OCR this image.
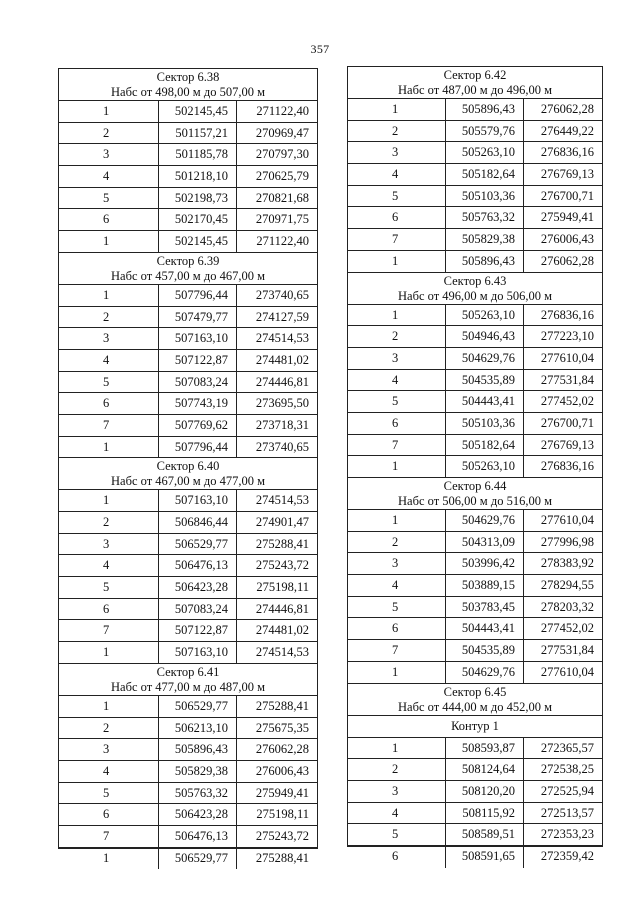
357
Сектор 6.38
Набс от 498,00 м до 507,00 м
1	502145,45	271122,40
2	501157,21	270969,47
3	501185,78	270797,30
4	501218,10	270625,79
5	502198,73	270821,68
6	502170,45	270971,75
1	502145,45	271122,40
Сектор 6.39
Набс от 457,00 м до 467,00 м
1	507796,44	273740,65
2	507479,77	274127,59
3	507163,10	274514,53
4	507122,87	274481,02
5	507083,24	274446,81
6	507743,19	273695,50
7	507769,62	273718,31
1	507796,44	273740,65
Сектор 6.40
Набс от 467,00 м до 477,00 м
1	507163,10	274514,53
2	506846,44	274901,47
3	506529,77	275288,41
4	506476,13	275243,72
5	506423,28	275198,11
6	507083,24	274446,81
7	507122,87	274481,02
1	507163,10	274514,53
Сектор 6.41
Набс от 477,00 м до 487,00 м
1	506529,77	275288,41
2	506213,10	275675,35
3	505896,43	276062,28
4	505829,38	276006,43
5	505763,32	275949,41
6	506423,28	275198,11
7	506476,13	275243,72
1	506529,77	275288,41
Сектор 6.42
Набс от 487,00 м до 496,00 м
1	505896,43	276062,28
2	505579,76	276449,22
3	505263,10	276836,16
4	505182,64	276769,13
5	505103,36	276700,71
6	505763,32	275949,41
7	505829,38	276006,43
1	505896,43	276062,28
Сектор 6.43
Набс от 496,00 м до 506,00 м
1	505263,10	276836,16
2	504946,43	277223,10
3	504629,76	277610,04
4	504535,89	277531,84
5	504443,41	277452,02
6	505103,36	276700,71
7	505182,64	276769,13
1	505263,10	276836,16
Сектор 6.44
Набс от 506,00 м до 516,00 м
1	504629,76	277610,04
2	504313,09	277996,98
3	503996,42	278383,92
4	503889,15	278294,55
5	503783,45	278203,32
6	504443,41	277452,02
7	504535,89	277531,84
1	504629,76	277610,04
Сектор 6.45
Набс от 444,00 м до 452,00 м
Контур 1
1	508593,87	272365,57
2	508124,64	272538,25
3	508120,20	272525,94
4	508115,92	272513,57
5	508589,51	272353,23
6	508591,65	272359,42
